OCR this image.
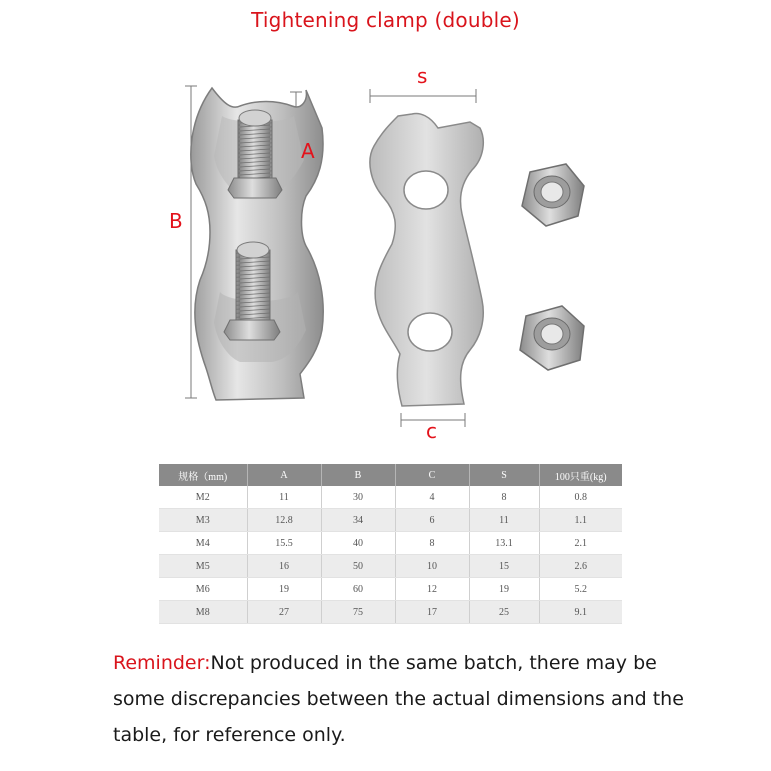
Tightening clamp (double)
B
A
s
c
规格（mm)	A	B	C	S	100只重(kg)
M2	11	30	4	8	0.8
M3	12.8	34	6	11	1.1
M4	15.5	40	8	13.1	2.1
M5	16	50	10	15	2.6
M6	19	60	12	19	5.2
M8	27	75	17	25	9.1
Reminder:Not produced in the same batch, there may be some discrepancies between the actual dimensions and the table, for reference only.
